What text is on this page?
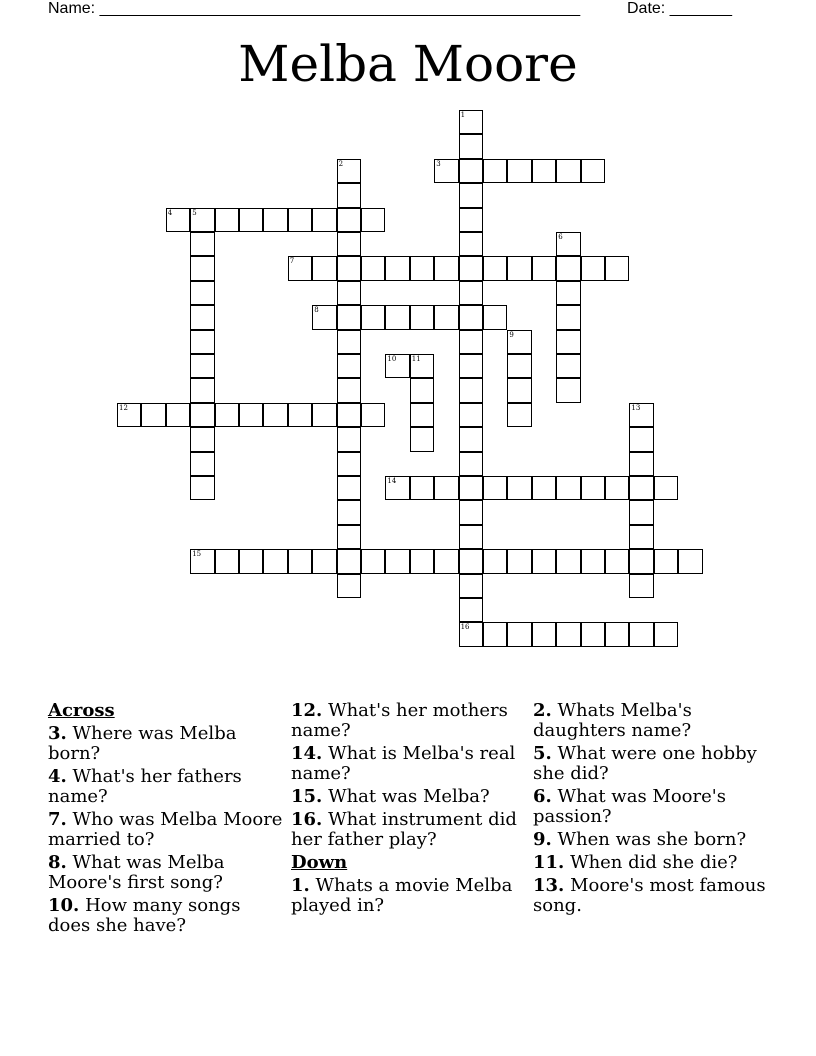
Name: ______________________________________________________	Date: _______
Melba Moore
1
2	3
4	5
6
7
8
9
10 11
12	13
14
15
16
Across
3. Where was Melba born?
4. What's her fathers name?
7. Who was Melba Moore married to?
8. What was Melba Moore's first song?
10. How many songs does she have?
12. What's her mothers name?
14. What is Melba's real name?
15. What was Melba?
16. What instrument did her father play?
Down
1. Whats a movie Melba played in?
2. Whats Melba's daughters name?
5. What were one hobby she did?
6. What was Moore's passion?
9. When was she born?
11. When did she die?
13. Moore's most famous song.
